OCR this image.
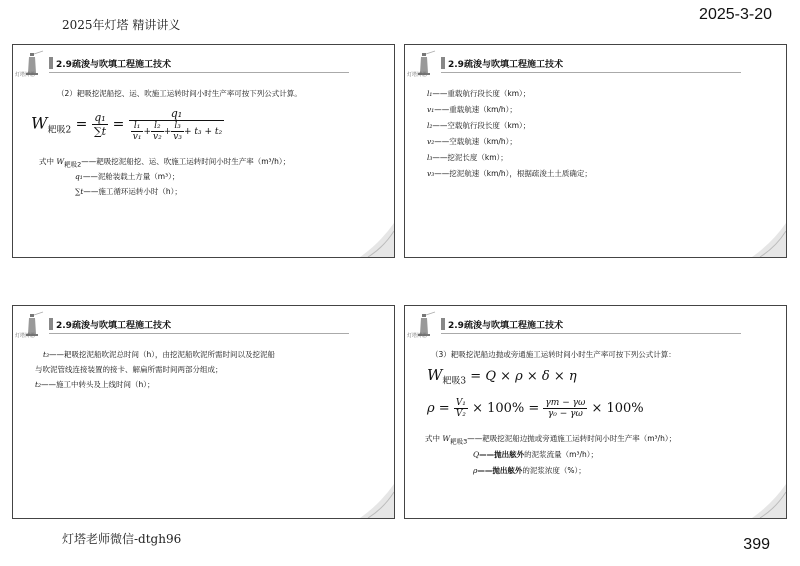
2025年灯塔 精讲讲义
2025-3-20
灯塔老师微信-dtgh96	399
灯塔博思
2.9疏浚与吹填工程施工技术
（2）耙吸挖泥船挖、运、吹施工运转时间小时生产率可按下列公式计算。
$W_{耙吸2} = \frac{\text{q₁}}{\sum t} = \frac{\text{q₁}}{\frac{\text{l₁}}{\text{v₁}} + \frac{\text{l₂}}{\text{v₂}} + \frac{\text{l₃}}{\text{v₃}} + t_3 + t_2}$
式中 $W_{耙吸2}——$耙吸挖泥船挖、运、吹施工运转时间小时生产率（m³/h）；
q₁——泥舱装载土方量（m³）；
∑t——施工循环运转小时（h）；
灯塔博思
2.9疏浚与吹填工程施工技术
l₁——重载航行段长度（km）；
v₁——重载航速（km/h）；
l₂——空载航行段长度（km）；
v₂——空载航速（km/h）；
l₃——挖泥长度（km）；
v₃——挖泥航速（km/h），根据疏浚土土质确定；
灯塔博思
2.9疏浚与吹填工程施工技术
t₃——耙吸挖泥船吹泥总时间（h），由挖泥船吹泥所需时间以及挖泥船
与吹泥管线连接装置的接卡、解扁所需时间两部分组成；
t₂——施工中转头及上线时间（h）；
灯塔博思
2.9疏浚与吹填工程施工技术
（3）耙吸挖泥船边抛或旁通施工运转时间小时生产率可按下列公式计算：
$W_{耙吸3} = Q \times \rho \times \delta \times \eta$
$\rho = \frac{\text{V₁}}{\text{V₂}} \times 100\% = \frac{\gamma m - \gamma\omega}{\text{γ₀ − γω}} \times 100\%$
式中 $W_{耙吸3}——$耙吸挖泥船边抛或旁通施工运转时间小时生产率（m³/h）；
Q——抛出舷外的泥浆流量（m³/h）；
ρ——抛出舷外的泥浆浓度（%）；
